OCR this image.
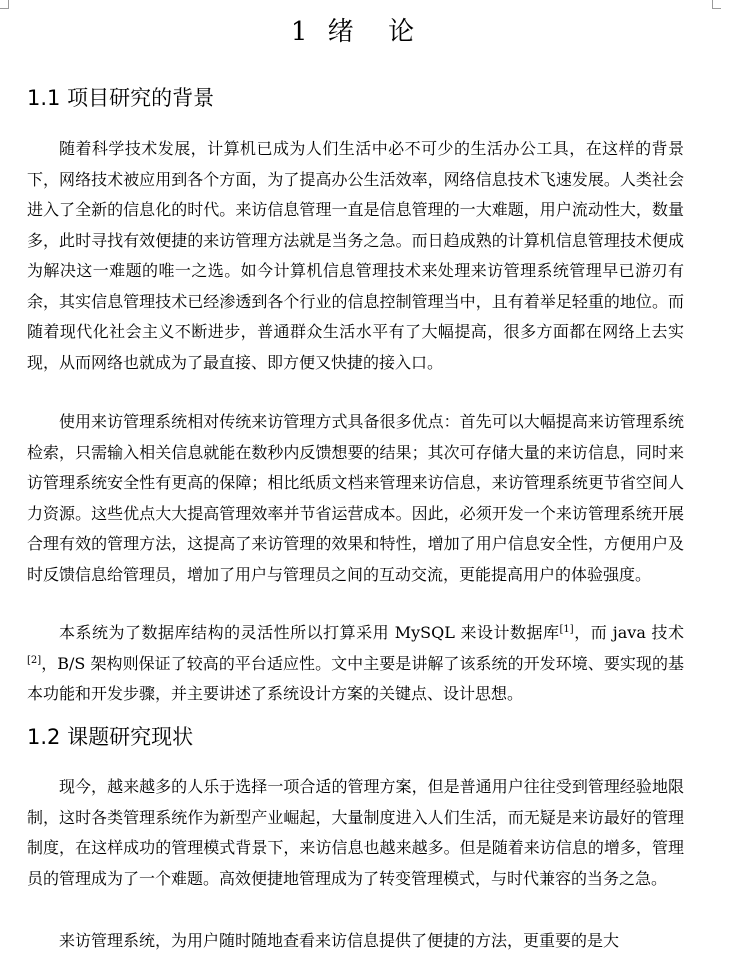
1 绪  论
1.1 项目研究的背景

随着科学技术发展，计算机已成为人们生活中必不可少的生活办公工具，在这样的背景下，网络技术被应用到各个方面，为了提高办公生活效率，网络信息技术飞速发展。人类社会进入了全新的信息化的时代。来访信息管理一直是信息管理的一大难题，用户流动性大，数量多，此时寻找有效便捷的来访管理方法就是当务之急。而日趋成熟的计算机信息管理技术便成为解决这一难题的唯一之选。如今计算机信息管理技术来处理来访管理系统管理早已游刃有余，其实信息管理技术已经渗透到各个行业的信息控制管理当中，且有着举足轻重的地位。而随着现代化社会主义不断进步，普通群众生活水平有了大幅提高，很多方面都在网络上去实现，从而网络也就成为了最直接、即方便又快捷的接入口。

使用来访管理系统相对传统来访管理方式具备很多优点：首先可以大幅提高来访管理系统检索，只需输入相关信息就能在数秒内反馈想要的结果；其次可存储大量的来访信息，同时来访管理系统安全性有更高的保障；相比纸质文档来管理来访信息，来访管理系统更节省空间人力资源。这些优点大大提高管理效率并节省运营成本。因此，必须开发一个来访管理系统开展合理有效的管理方法，这提高了来访管理的效果和特性，增加了用户信息安全性，方便用户及时反馈信息给管理员，增加了用户与管理员之间的互动交流，更能提高用户的体验强度。

本系统为了数据库结构的灵活性所以打算采用 MySQL 来设计数据库[1]，而 java 技术[2]，B/S 架构则保证了较高的平台适应性。文中主要是讲解了该系统的开发环境、要实现的基本功能和开发步骤，并主要讲述了系统设计方案的关键点、设计思想。

1.2 课题研究现状

现今，越来越多的人乐于选择一项合适的管理方案，但是普通用户往往受到管理经验地限制，这时各类管理系统作为新型产业崛起，大量制度进入人们生活，而无疑是来访最好的管理制度，在这样成功的管理模式背景下，来访信息也越来越多。但是随着来访信息的增多，管理员的管理成为了一个难题。高效便捷地管理成为了转变管理模式，与时代兼容的当务之急。

来访管理系统，为用户随时随地查看来访信息提供了便捷的方法，更重要的是大
